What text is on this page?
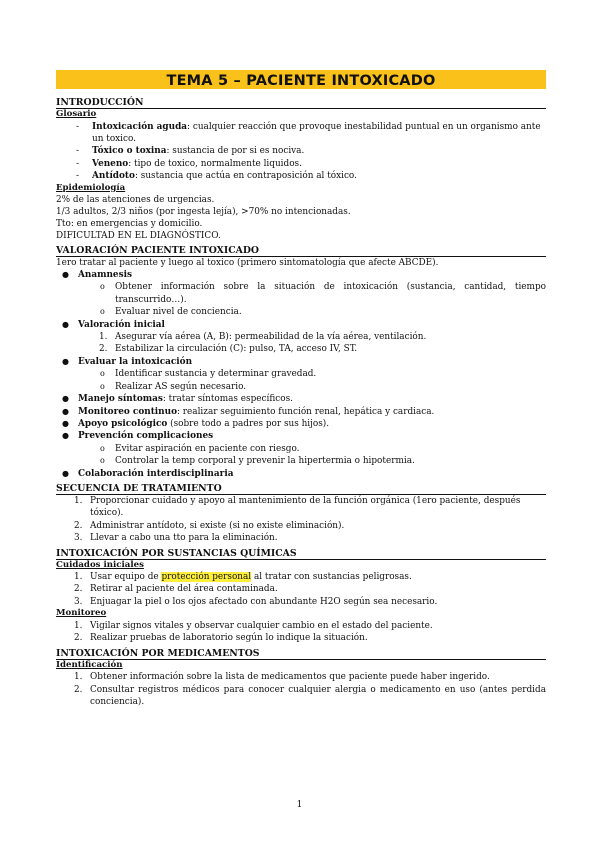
TEMA 5 – PACIENTE INTOXICADO
INTRODUCCIÓN
Glosario
-	Intoxicación aguda: cualquier reacción que provoque inestabilidad puntual en un organismo ante un toxico.
-	Tóxico o toxina: sustancia de por si es nociva.
-	Veneno: tipo de toxico, normalmente liquidos.
-	Antídoto: sustancia que actúa en contraposición al tóxico.
Epidemiología
2% de las atenciones de urgencias.
1/3 adultos, 2/3 niños (por ingesta lejía), >70% no intencionadas.
Tto: en emergencias y domicilio.
DIFICULTAD EN EL DIAGNÓSTICO.
VALORACIÓN PACIENTE INTOXICADO
1ero tratar al paciente y luego al toxico (primero sintomatología que afecte ABCDE).
●	Anamnesis
o	Obtener información sobre la situación de intoxicación (sustancia, cantidad, tiempo transcurrido…).
o	Evaluar nivel de conciencia.
●	Valoración inicial
1. Asegurar vía aérea (A, B): permeabilidad de la vía aérea, ventilación.
2. Estabilizar la circulación (C): pulso, TA, acceso IV, ST.
●	Evaluar la intoxicación
o	Identificar sustancia y determinar gravedad.
o	Realizar AS según necesario.
●	Manejo síntomas: tratar síntomas específicos.
●	Monitoreo continuo: realizar seguimiento función renal, hepática y cardiaca.
●	Apoyo psicológico (sobre todo a padres por sus hijos).
●	Prevención complicaciones
o	Evitar aspiración en paciente con riesgo.
o	Controlar la temp corporal y prevenir la hipertermia o hipotermia.
●	Colaboración interdisciplinaria
SECUENCIA DE TRATAMIENTO
1. Proporcionar cuidado y apoyo al mantenimiento de la función orgánica (1ero paciente, después tóxico).
2. Administrar antídoto, si existe (si no existe eliminación).
3. Llevar a cabo una tto para la eliminación.
INTOXICACIÓN POR SUSTANCIAS QUÍMICAS
Cuidados iniciales
1. Usar equipo de protección personal al tratar con sustancias peligrosas.
2. Retirar al paciente del área contaminada.
3. Enjuagar la piel o los ojos afectado con abundante H2O según sea necesario.
Monitoreo
1. Vigilar signos vitales y observar cualquier cambio en el estado del paciente.
2. Realizar pruebas de laboratorio según lo indique la situación.
INTOXICACIÓN POR MEDICAMENTOS
Identificación
1. Obtener información sobre la lista de medicamentos que paciente puede haber ingerido.
2. Consultar registros médicos para conocer cualquier alergia o medicamento en uso (antes perdida conciencia).
1
